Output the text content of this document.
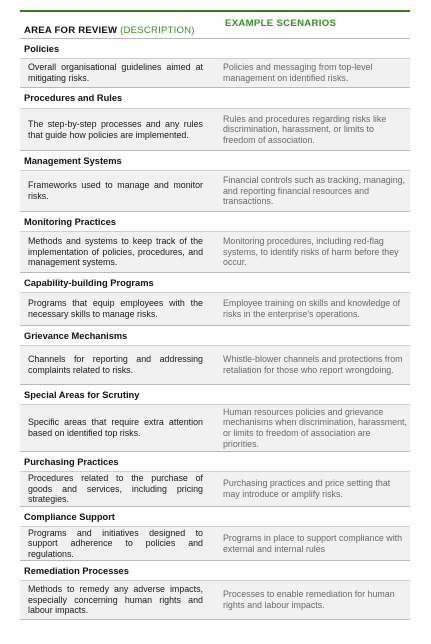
AREA FOR REVIEW (DESCRIPTION)
EXAMPLE SCENARIOS
Policies
Overall organisational guidelines aimed at mitigating risks.
Policies and messaging from top-level management on identified risks.
Procedures and Rules
The step-by-step processes and any rules that guide how policies are implemented.
Rules and procedures regarding risks like discrimination, harassment, or limits to freedom of association.
Management Systems
Frameworks used to manage and monitor risks.
Financial controls such as tracking, managing, and reporting financial resources and transactions.
Monitoring Practices
Methods and systems to keep track of the implementation of policies, procedures, and management systems.
Monitoring procedures, including red-flag systems, to identify risks of harm before they occur.
Capability-building Programs
Programs that equip employees with the necessary skills to manage risks.
Employee training on skills and knowledge of risks in the enterprise's operations.
Grievance Mechanisms
Channels for reporting and addressing complaints related to risks.
Whistle-blower channels and protections from retaliation for those who report wrongdoing.
Special Areas for Scrutiny
Specific areas that require extra attention based on identified top risks.
Human resources policies and grievance mechanisms when discrimination, harassment, or limits to freedom of association are priorities.
Purchasing Practices
Procedures related to the purchase of goods and services, including pricing strategies.
Purchasing practices and price setting that may introduce or amplify risks.
Compliance Support
Programs and initiatives designed to support adherence to policies and regulations.
Programs in place to support compliance with external and internal rules
Remediation Processes
Methods to remedy any adverse impacts, especially concerning human rights and labour impacts.
Processes to enable remediation for human rights and labour impacts.
